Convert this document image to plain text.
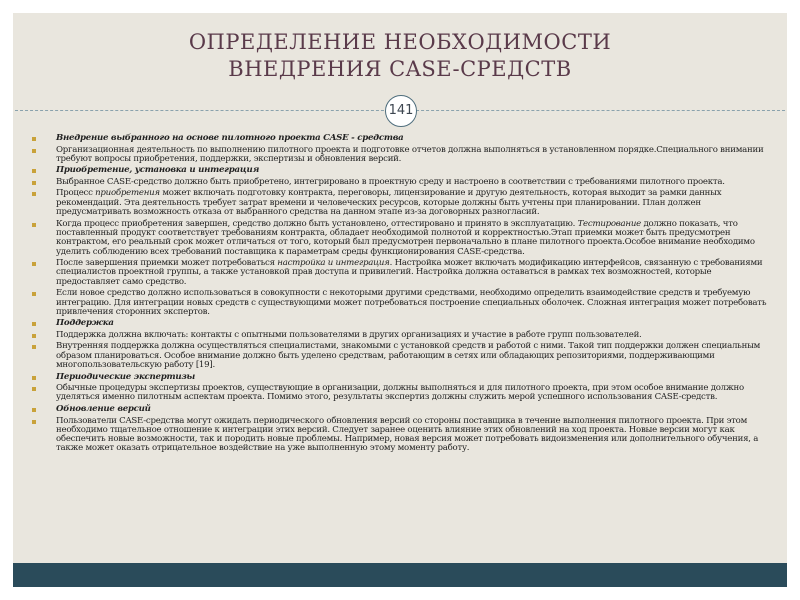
ОПРЕДЕЛЕНИЕ НЕОБХОДИМОСТИ
ВНЕДРЕНИЯ CASE-СРЕДСТВ
141
Внедрение выбранного на основе пилотного проекта CASE - средства
Организационная деятельность по выполнению пилотного проекта и подготовке отчетов должна выполняться в установленном порядке.Специального внимании требуют вопросы приобретения, поддержки, экспертизы и обновления версий.
Приобретение, установка и интеграция
Выбранное CASE-средство должно быть приобретено, интегрировано в проектную среду и настроено в соответствии с требованиями пилотного проекта.
Процесс приобретения может включать подготовку контракта, переговоры, лицензирование и другую деятельность, которая выходит за рамки данных рекомендаций. Эта деятельность требует затрат времени и человеческих ресурсов, которые должны быть учтены при планировании. План должен предусматривать возможность отказа от выбранного средства на данном этапе из-за договорных разногласий.
Когда процесс приобретения завершен, средство должно быть установлено, оттестировано и принято в эксплуатацию. Тестирование должно показать, что поставленный продукт соответствует требованиям контракта, обладает необходимой полнотой и корректностью.Этап приемки может быть предусмотрен контрактом, его реальный срок может отличаться от того, который был предусмотрен первоначально в плане пилотного проекта.Особое внимание необходимо уделить соблюдению всех требований поставщика к параметрам среды функционирования CASE-средства.
После завершения приемки может потребоваться настройка и интеграция. Настройка может включать модификацию интерфейсов, связанную с требованиями специалистов проектной группы, а также установкой прав доступа и привилегий. Настройка должна оставаться в рамках тех возможностей, которые предоставляет само средство.
Если новое средство должно использоваться в совокупности с некоторыми другими средствами, необходимо определить взаимодействие средств и требуемую интеграцию. Для интеграции новых средств с существующими может потребоваться построение специальных оболочек. Сложная интеграция может потребовать привлечения сторонних экспертов.
Поддержка
Поддержка должна включать: контакты с опытными пользователями в других организациях и участие в работе групп пользователей.
Внутренняя поддержка должна осуществляться специалистами, знакомыми с установкой средств и работой с ними. Такой тип поддержки должен специальным образом планироваться. Особое внимание должно быть уделено средствам, работающим в сетях или обладающих репозиториями, поддерживающими многопользовательскую работу [19].
Периодические экспертизы
Обычные процедуры экспертизы проектов, существующие в организации, должны выполняться и для пилотного проекта, при этом особое внимание должно уделяться именно пилотным аспектам проекта. Помимо этого, результаты экспертиз должны служить мерой успешного использования CASE-средств.
Обновление версий
Пользователи CASE-средства могут ожидать периодического обновления версий со стороны поставщика в течение выполнения пилотного проекта. При этом необходимо тщательное отношение к интеграции этих версий. Следует заранее оценить влияние этих обновлений на ход проекта. Новые версии могут как обеспечить новые возможности, так и породить новые проблемы. Например, новая версия может потребовать видоизменения или дополнительного обучения, а также может оказать отрицательное воздействие на уже выполненную этому моменту работу.
